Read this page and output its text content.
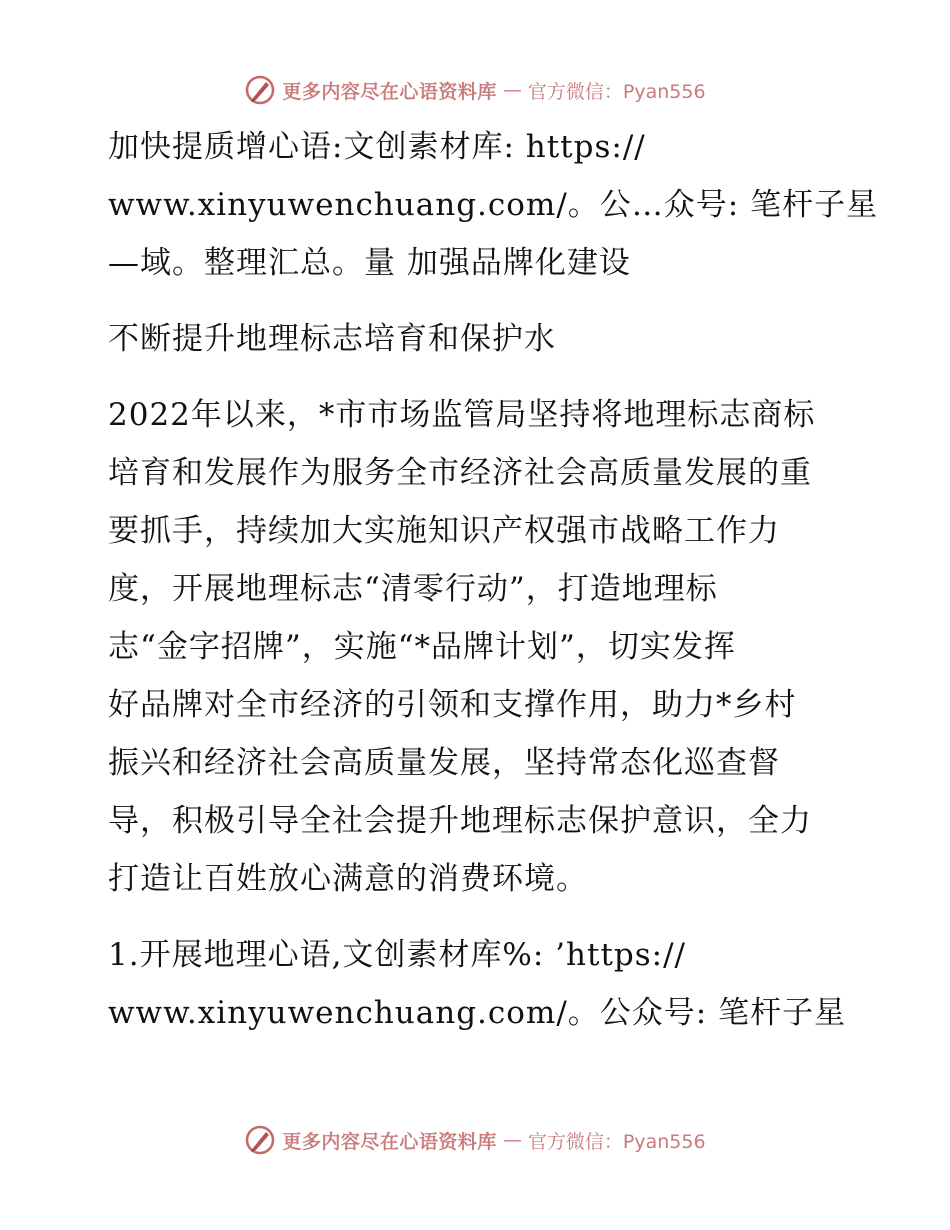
更多内容尽在心语资料库 — 官方微信：Pyan556

加快提质增心语:文创素材库: https://
www.xinyuwenchuang.com/。公…众号: 笔杆子星
—域。整理汇总。量 加强品牌化建设

不断提升地理标志培育和保护水

2022年以来，*市市场监管局坚持将地理标志商标
培育和发展作为服务全市经济社会高质量发展的重
要抓手，持续加大实施知识产权强市战略工作力
度，开展地理标志“清零行动”，打造地理标
志“金字招牌”，实施“*品牌计划”，切实发挥
好品牌对全市经济的引领和支撑作用，助力*乡村
振兴和经济社会高质量发展，坚持常态化巡查督
导，积极引导全社会提升地理标志保护意识，全力
打造让百姓放心满意的消费环境。

1.开展地理心语,文创素材库%: ’https://
www.xinyuwenchuang.com/。公众号: 笔杆子星

更多内容尽在心语资料库 — 官方微信：Pyan556
